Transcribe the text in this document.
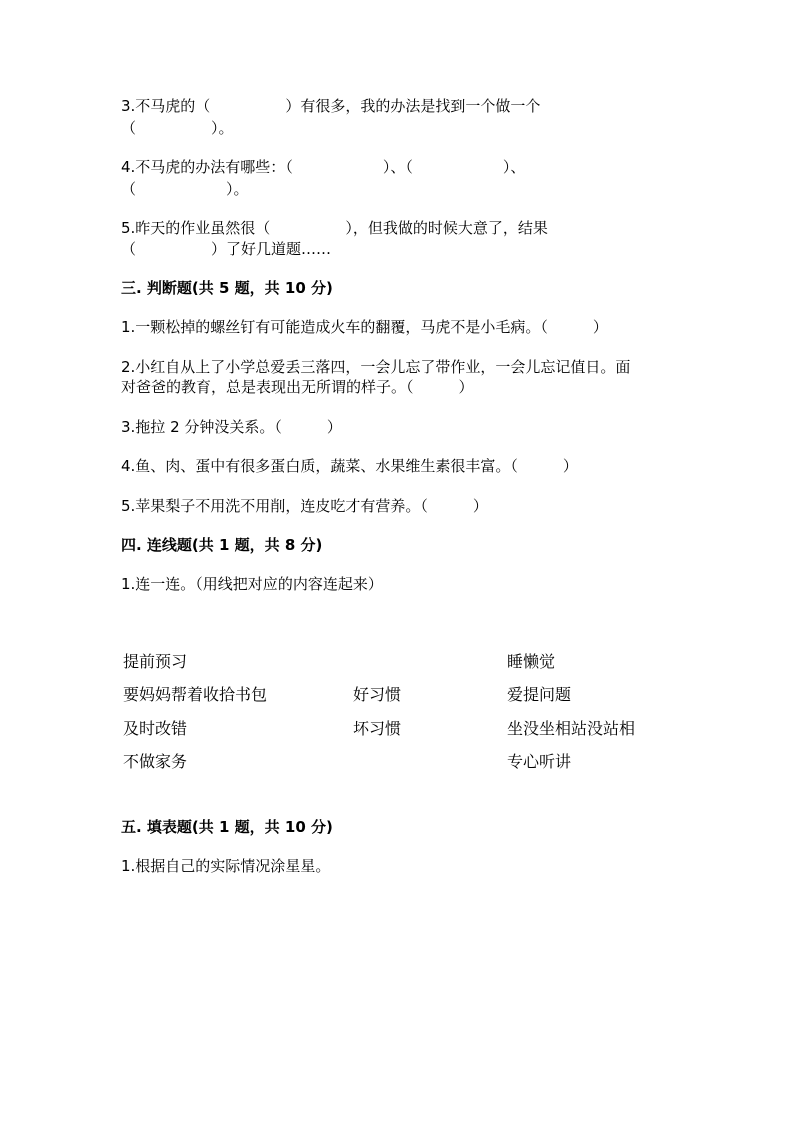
3.不马虎的（　　　　　）有很多，我的办法是找到一个做一个
（　　　　　）。
4.不马虎的办法有哪些：（　　　　　　）、（　　　　　　）、
（　　　　　　）。
5.昨天的作业虽然很（　　　　　），但我做的时候大意了，结果
（　　　　　）了好几道题……
三. 判断题(共 5 题，共 10 分)
1.一颗松掉的螺丝钉有可能造成火车的翻覆，马虎不是小毛病。（　　　）
2.小红自从上了小学总爱丢三落四，一会儿忘了带作业，一会儿忘记值日。面
对爸爸的教育，总是表现出无所谓的样子。（　　　）
3.拖拉 2 分钟没关系。（　　　）
4.鱼、肉、蛋中有很多蛋白质，蔬菜、水果维生素很丰富。（　　　）
5.苹果梨子不用洗不用削，连皮吃才有营养。（　　　）
四. 连线题(共 1 题，共 8 分)
1.连一连。（用线把对应的内容连起来）
提前预习
要妈妈帮着收拾书包
及时改错
不做家务
好习惯
坏习惯
睡懒觉
爱提问题
坐没坐相站没站相
专心听讲
五. 填表题(共 1 题，共 10 分)
1.根据自己的实际情况涂星星。
